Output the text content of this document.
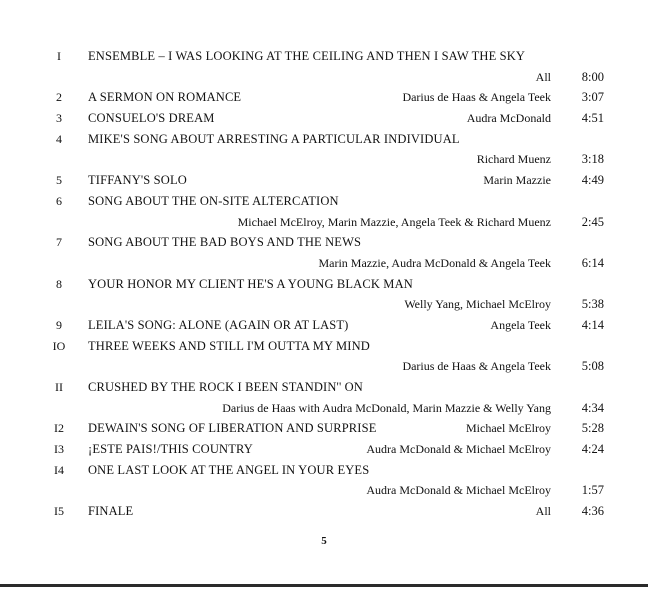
I	ENSEMBLE – I WAS LOOKING AT THE CEILING AND THEN I SAW THE SKY
All	8:00
2	A SERMON ON ROMANCE	Darius de Haas & Angela Teek	3:07
3	CONSUELO'S DREAM	Audra McDonald	4:51
4	MIKE'S SONG ABOUT ARRESTING A PARTICULAR INDIVIDUAL
Richard Muenz	3:18
5	TIFFANY'S SOLO	Marin Mazzie	4:49
6	SONG ABOUT THE ON-SITE ALTERCATION
Michael McElroy, Marin Mazzie, Angela Teek & Richard Muenz	2:45
7	SONG ABOUT THE BAD BOYS AND THE NEWS
Marin Mazzie, Audra McDonald & Angela Teek	6:14
8	YOUR HONOR MY CLIENT HE'S A YOUNG BLACK MAN
Welly Yang, Michael McElroy	5:38
9	LEILA'S SONG: ALONE (AGAIN OR AT LAST)	Angela Teek	4:14
IO	THREE WEEKS AND STILL I'M OUTTA MY MIND
Darius de Haas & Angela Teek	5:08
II	CRUSHED BY THE ROCK I BEEN STANDIN'' ON
Darius de Haas with Audra McDonald, Marin Mazzie & Welly Yang	4:34
I2	DEWAIN'S SONG OF LIBERATION AND SURPRISE	Michael McElroy	5:28
I3	¡ESTE PAIS!/THIS COUNTRY	Audra McDonald & Michael McElroy	4:24
I4	ONE LAST LOOK AT THE ANGEL IN YOUR EYES
Audra McDonald & Michael McElroy	1:57
I5	FINALE	All	4:36
5
